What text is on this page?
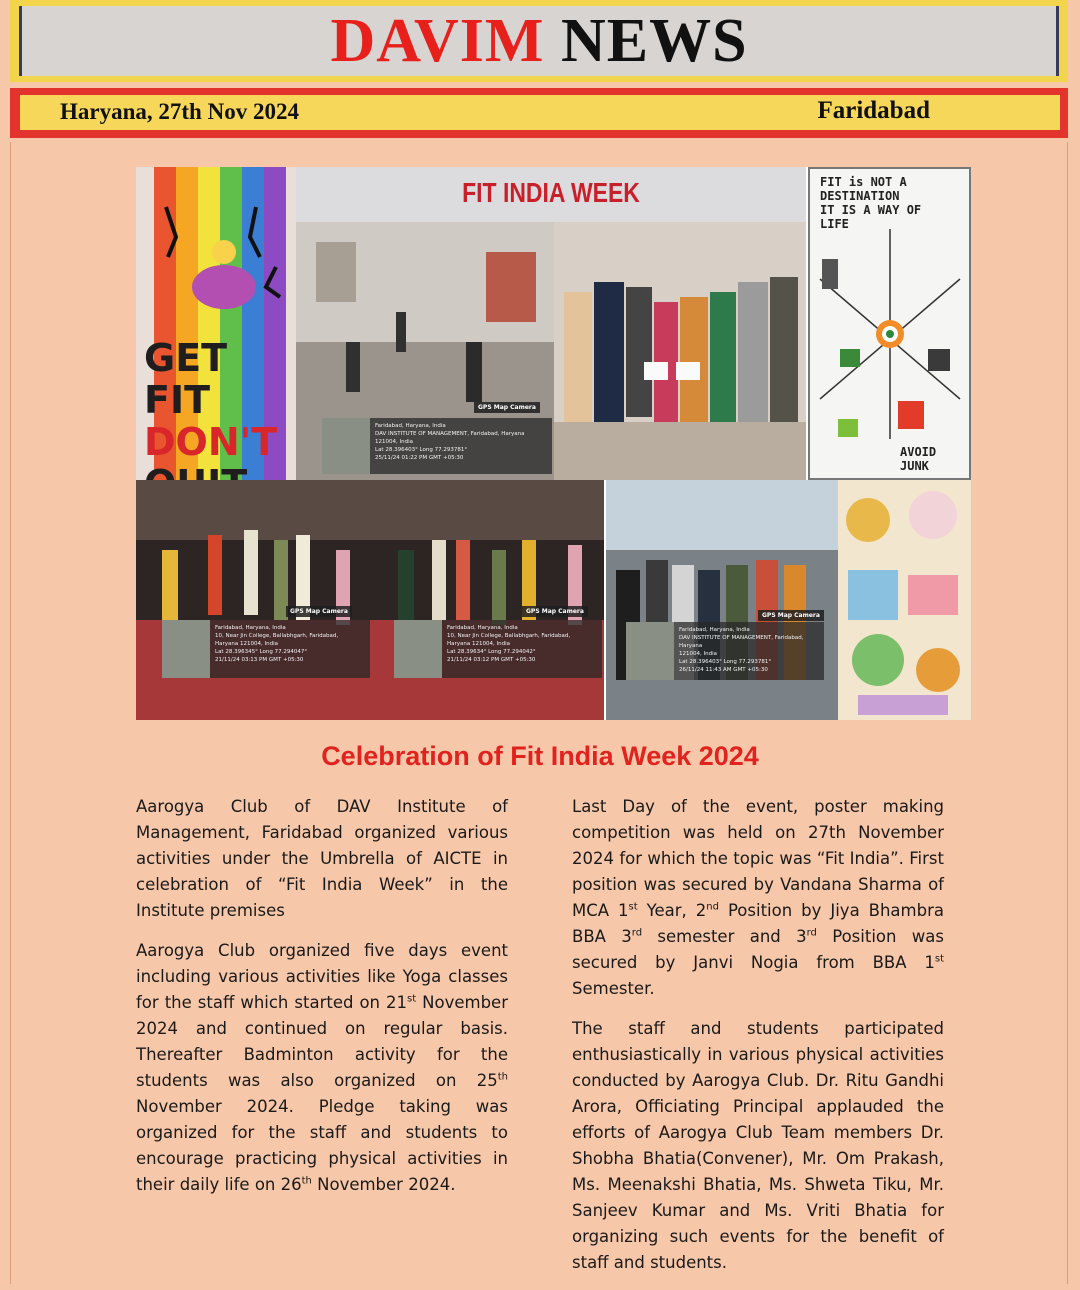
DAVIM NEWS
Haryana, 27th Nov 2024	Faridabad
GET FIT
DON'T
FIT INDIA WEEK
GPS Map Camera
Faridabad, Haryana, India
DAV INSTITUTE OF MANAGEMENT, Faridabad, Haryana
121004, India
Lat 28.396403° Long 77.293781°
25/11/24 01:22 PM GMT +05:30
FIT is NOT A DESTINATION
IT IS A WAY OF
LIFE
AVOID JUNK
GPS Map Camera
Faridabad, Haryana, India
10, Near Jin College, Ballabhgarh, Faridabad,
Haryana 121004, India
Lat 28.396345° Long 77.294047°
21/11/24 03:13 PM GMT +05:30
GPS Map Camera
Faridabad, Haryana, India
10, Near Jin College, Ballabhgarh, Faridabad,
Haryana 121004, India
Lat 28.39634° Long 77.294042°
21/11/24 03:12 PM GMT +05:30
GPS Map Camera
Faridabad, Haryana, India
DAV INSTITUTE OF MANAGEMENT, Faridabad, Haryana
121004, India
Lat 28.396403° Long 77.293781°
26/11/24 11:43 AM GMT +05:30
Celebration of Fit India Week 2024

Aarogya Club of DAV Institute of Management, Faridabad organized various activities under the Umbrella of AICTE in celebration of “Fit India Week” in the Institute premises

Aarogya Club organized five days event including various activities like Yoga classes for the staff which started on 21st November 2024 and continued on regular basis. Thereafter Badminton activity for the students was also organized on 25th November 2024. Pledge taking was organized for the staff and students to encourage practicing physical activities in their daily life on 26th November 2024.

Last Day of the event, poster making competition was held on 27th November 2024 for which the topic was “Fit India”. First position was secured by Vandana Sharma of MCA 1st Year, 2nd Position by Jiya Bhambra BBA 3rd semester and 3rd Position was secured by Janvi Nogia from BBA 1st Semester.

The staff and students participated enthusiastically in various physical activities conducted by Aarogya Club. Dr. Ritu Gandhi Arora, Officiating Principal applauded the efforts of Aarogya Club Team members Dr. Shobha Bhatia(Convener), Mr. Om Prakash, Ms. Meenakshi Bhatia, Ms. Shweta Tiku, Mr. Sanjeev Kumar and Ms. Vriti Bhatia for organizing such events for the benefit of staff and students.
